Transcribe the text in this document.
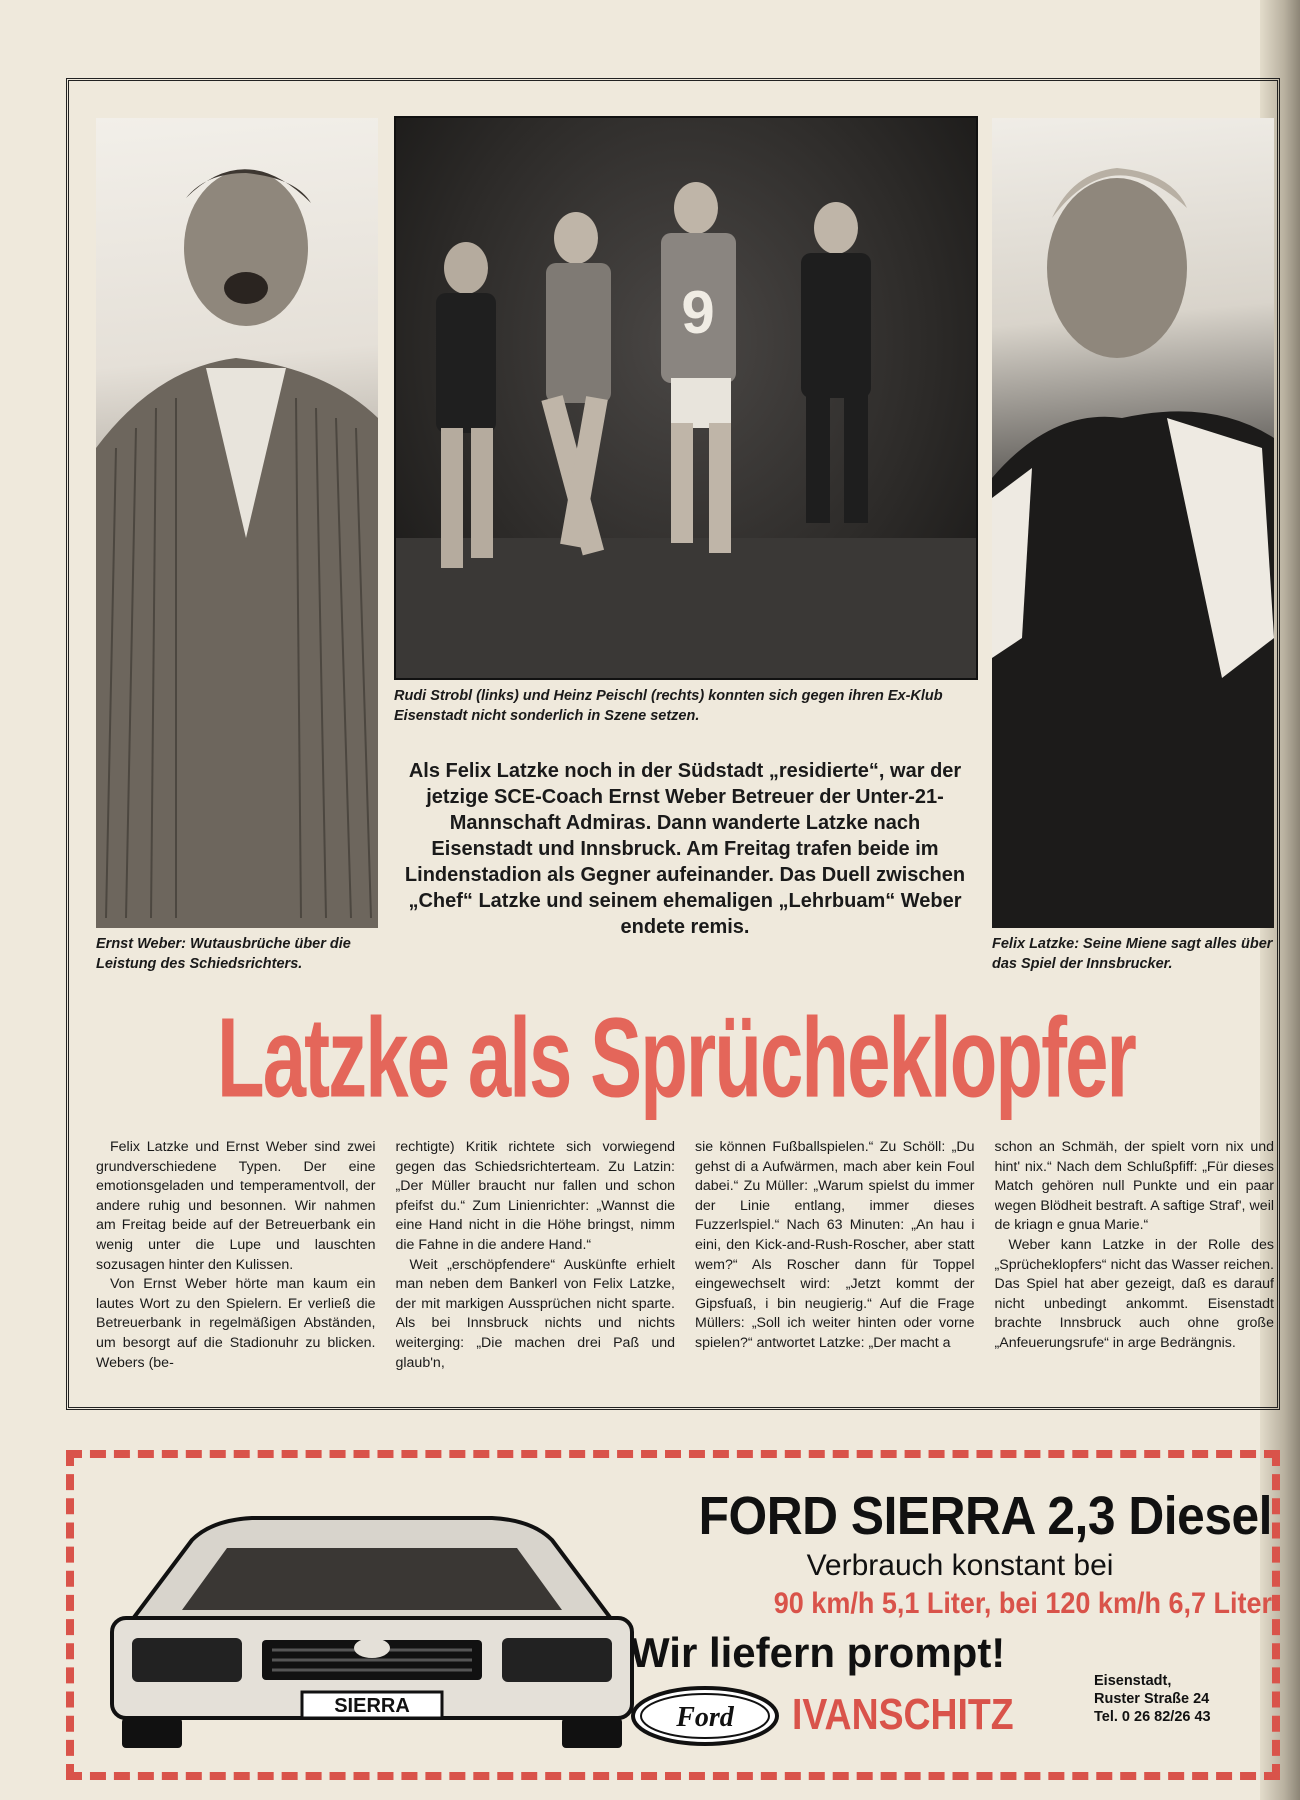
9
Ernst Weber: Wutausbrüche über die Leistung des Schiedsrichters.
Rudi Strobl (links) und Heinz Peischl (rechts) konnten sich gegen ihren Ex-Klub Eisenstadt nicht sonderlich in Szene setzen.
Felix Latzke: Seine Miene sagt alles über das Spiel der Innsbrucker.
Als Felix Latzke noch in der Südstadt „residierte“, war der jetzige SCE-Coach Ernst Weber Betreuer der Unter-21-Mannschaft Admiras. Dann wanderte Latzke nach Eisenstadt und Innsbruck. Am Freitag trafen beide im Lindenstadion als Gegner aufeinander. Das Duell zwischen „Chef“ Latzke und seinem ehemaligen „Lehrbuam“ Weber endete remis.
Latzke als Sprücheklopfer

Felix Latzke und Ernst Weber sind zwei grundverschiedene Typen. Der eine emotionsgeladen und temperamentvoll, der andere ruhig und besonnen. Wir nahmen am Freitag beide auf der Betreuerbank ein wenig unter die Lupe und lauschten sozusagen hinter den Kulissen.

Von Ernst Weber hörte man kaum ein lautes Wort zu den Spielern. Er verließ die Betreuerbank in regelmäßigen Abständen, um besorgt auf die Stadionuhr zu blicken. Webers (be-

rechtigte) Kritik richtete sich vorwiegend gegen das Schiedsrichterteam. Zu Latzin: „Der Müller braucht nur fallen und schon pfeifst du.“ Zum Linienrichter: „Wannst die eine Hand nicht in die Höhe bringst, nimm die Fahne in die andere Hand.“

Weit „erschöpfendere“ Auskünfte erhielt man neben dem Bankerl von Felix Latzke, der mit markigen Aussprüchen nicht sparte. Als bei Innsbruck nichts und nichts weiterging: „Die machen drei Paß und glaub'n,

sie können Fußballspielen.“ Zu Schöll: „Du gehst di a Aufwärmen, mach aber kein Foul dabei.“ Zu Müller: „Warum spielst du immer der Linie entlang, immer dieses Fuzzerlspiel.“ Nach 63 Minuten: „An hau i eini, den Kick-and-Rush-Roscher, aber statt wem?“ Als Roscher dann für Toppel eingewechselt wird: „Jetzt kommt der Gipsfuaß, i bin neugierig.“ Auf die Frage Müllers: „Soll ich weiter hinten oder vorne spielen?“ antwortet Latzke: „Der macht a

schon an Schmäh, der spielt vorn nix und hint' nix.“ Nach dem Schlußpfiff: „Für dieses Match gehören null Punkte und ein paar wegen Blödheit bestraft. A saftige Straf', weil de kriagn e gnua Marie.“

Weber kann Latzke in der Rolle des „Sprücheklopfers“ nicht das Wasser reichen. Das Spiel hat aber gezeigt, daß es darauf nicht unbedingt ankommt. Eisenstadt brachte Innsbruck auch ohne große „Anfeuerungsrufe“ in arge Bedrängnis.

SIERRA
FORD SIERRA 2,3 Diesel
Verbrauch konstant bei
90 km/h 5,1 Liter, bei 120 km/h 6,7 Liter
Wir liefern prompt!
Ford IVANSCHITZ
Eisenstadt,
Ruster Straße 24
Tel. 0 26 82/26 43
